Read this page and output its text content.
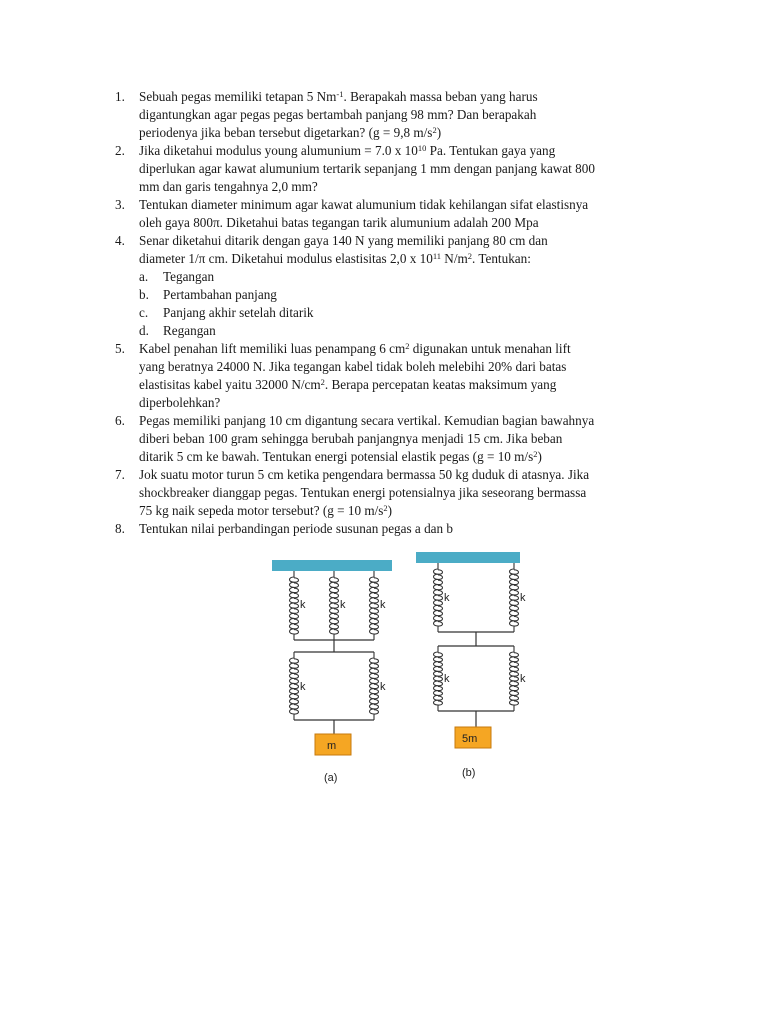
1. Sebuah pegas memiliki tetapan 5 $Nm^{-1}$. Berapakah massa beban yang harus
digantungkan agar pegas pegas bertambah panjang 98 mm? Dan berapakah
periodenya jika beban tersebut digetarkan? (g = 9,8 $m/s^2$)
2. Jika diketahui modulus young alumunium = 7.0 x $10^{10}$ Pa. Tentukan gaya yang
diperlukan agar kawat alumunium tertarik sepanjang 1 mm dengan panjang kawat 800
mm dan garis tengahnya 2,0 mm?
3. Tentukan diameter minimum agar kawat alumunium tidak kehilangan sifat elastisnya
oleh gaya 800π. Diketahui batas tegangan tarik alumunium adalah 200 Mpa
4. Senar diketahui ditarik dengan gaya 140 N yang memiliki panjang 80 cm dan
diameter 1/π cm. Diketahui modulus elastisitas 2,0 x $10^{11}$ $N/m^2$. Tentukan:
a. Tegangan
b. Pertambahan panjang
c. Panjang akhir setelah ditarik
d. Regangan
5. Kabel penahan lift memiliki luas penampang 6 $cm^2$ digunakan untuk menahan lift
yang beratnya 24000 N. Jika tegangan kabel tidak boleh melebihi 20% dari batas
elastisitas kabel yaitu 32000 $N/cm^2$. Berapa percepatan keatas maksimum yang
diperbolehkan?
6. Pegas memiliki panjang 10 cm digantung secara vertikal. Kemudian bagian bawahnya
diberi beban 100 gram sehingga berubah panjangnya menjadi 15 cm. Jika beban
ditarik 5 cm ke bawah. Tentukan energi potensial elastik pegas (g = 10 $m/s^2$)
7. Jok suatu motor turun 5 cm ketika pengendara bermassa 50 kg duduk di atasnya. Jika
shockbreaker dianggap pegas. Tentukan energi potensialnya jika seseorang bermassa
75 kg naik sepeda motor tersebut? (g = 10 $m/s^2$)
8. Tentukan nilai perbandingan periode susunan pegas a dan b
k	k	k
k	k
m
(a)
k	k
k	k
5m
(b)
